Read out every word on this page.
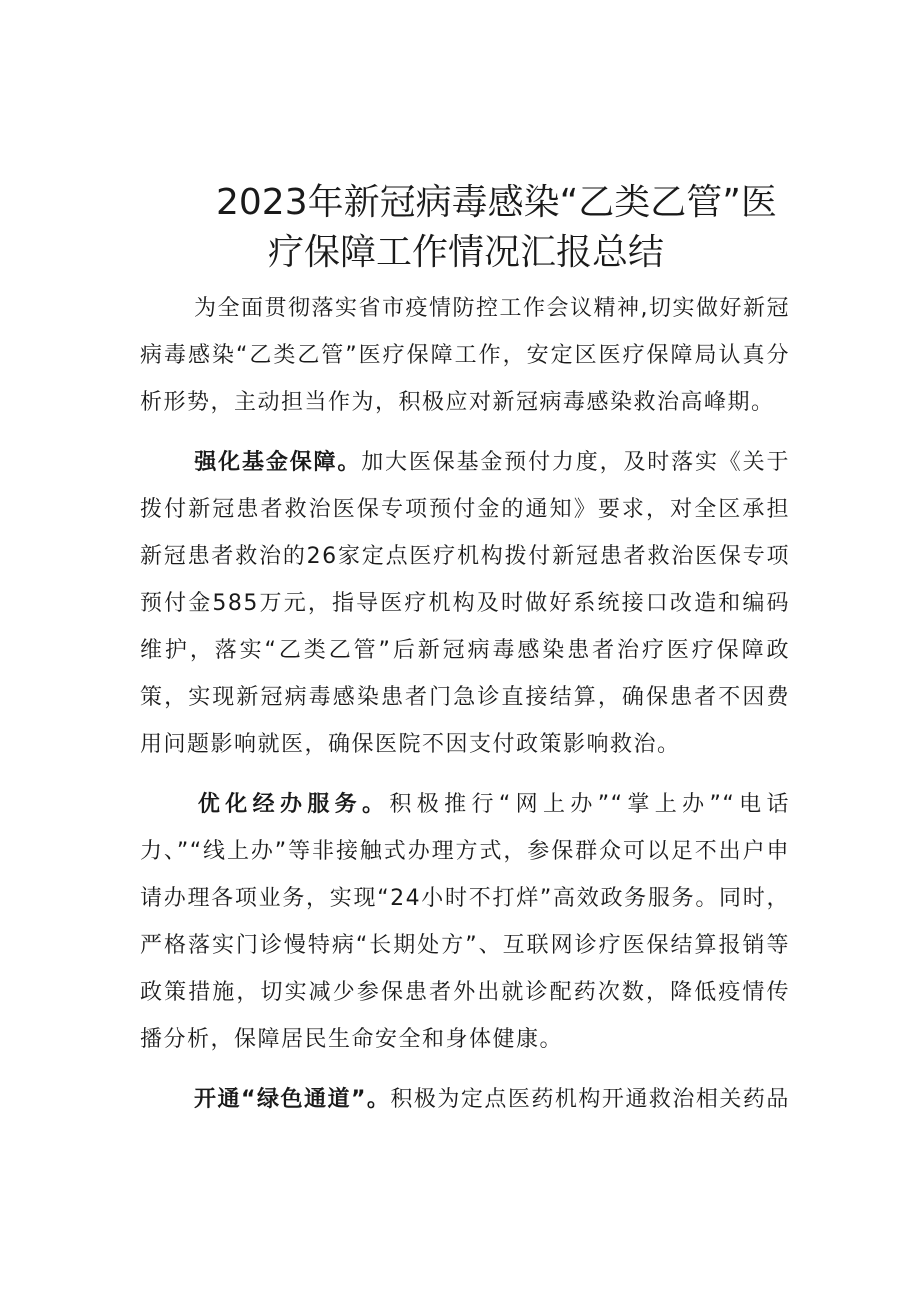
2023年新冠病毒感染“乙类乙管”医
疗保障工作情况汇报总结

为全面贯彻落实省市疫情防控工作会议精神,切实做好新冠病毒感染“乙类乙管”医疗保障工作，安定区医疗保障局认真分析形势，主动担当作为，积极应对新冠病毒感染救治高峰期。

强化基金保障。加大医保基金预付力度，及时落实《关于拨付新冠患者救治医保专项预付金的通知》要求，对全区承担新冠患者救治的26家定点医疗机构拨付新冠患者救治医保专项预付金585万元，指导医疗机构及时做好系统接口改造和编码维护，落实“乙类乙管”后新冠病毒感染患者治疗医疗保障政策，实现新冠病毒感染患者门急诊直接结算，确保患者不因费用问题影响就医，确保医院不因支付政策影响救治。

优化经办服务。积极推行“网上办”“掌上办”“电话力、”“线上办”等非接触式办理方式，参保群众可以足不出户申请办理各项业务，实现“24小时不打烊”高效政务服务。同时，严格落实门诊慢特病“长期处方”、互联网诊疗医保结算报销等政策措施，切实减少参保患者外出就诊配药次数，降低疫情传播分析，保障居民生命安全和身体健康。

开通“绿色通道”。积极为定点医药机构开通救治相关药品
